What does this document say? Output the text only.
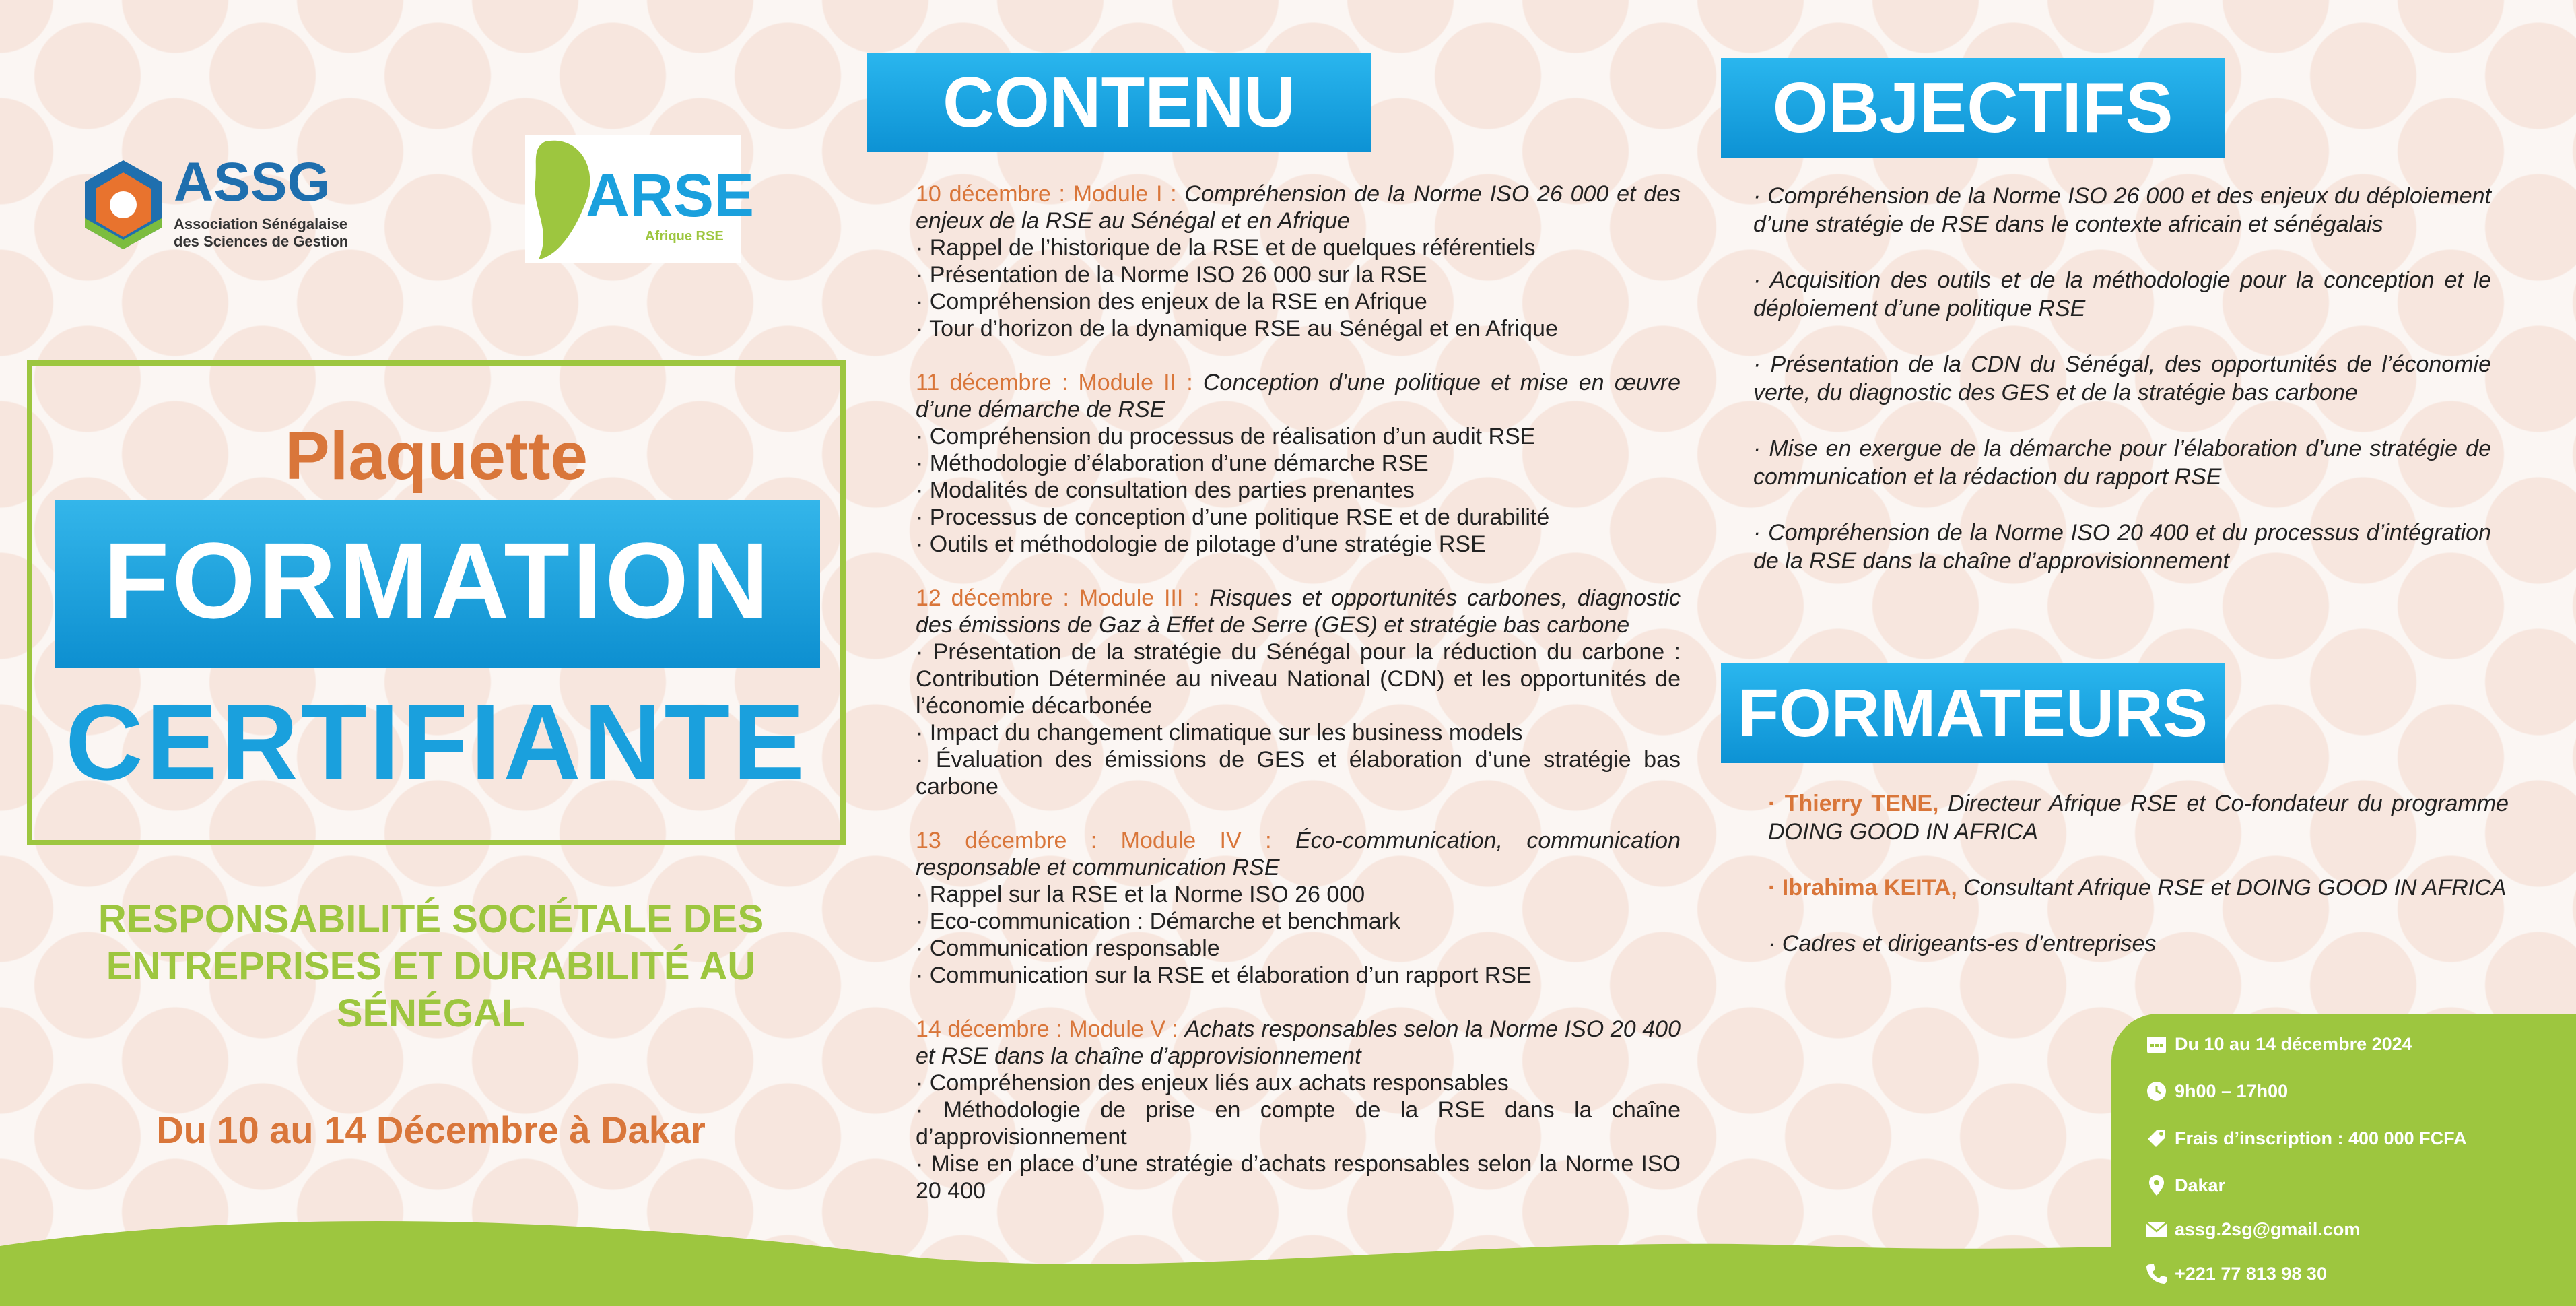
ASSG
Association Sénégalaise
des Sciences de Gestion
ARSE
Afrique RSE
Plaquette
FORMATION
CERTIFIANTE
RESPONSABILITÉ SOCIÉTALE DES
ENTREPRISES ET DURABILITÉ AU
SÉNÉGAL
Du 10 au 14 Décembre à Dakar
CONTENU
10 décembre : Module I : Compréhension de la Norme ISO 26 000 et des enjeux de la RSE au Sénégal et en Afrique
· Rappel de l’historique de la RSE et de quelques référentiels
· Présentation de la Norme ISO 26 000 sur la RSE
· Compréhension des enjeux de la RSE en Afrique
· Tour d’horizon de la dynamique RSE au Sénégal et en Afrique
11 décembre : Module II : Conception d’une politique et mise en œuvre d’une démarche de RSE
· Compréhension du processus de réalisation d’un audit RSE
· Méthodologie d’élaboration d’une démarche RSE
· Modalités de consultation des parties prenantes
· Processus de conception d’une politique RSE et de durabilité
· Outils et méthodologie de pilotage d’une stratégie RSE
12 décembre : Module III : Risques et opportunités carbones, diagnostic des émissions de Gaz à Effet de Serre (GES) et stratégie bas carbone
· Présentation de la stratégie du Sénégal pour la réduction du carbone : Contribution Déterminée au niveau National (CDN) et les opportunités de l’économie décarbonée
· Impact du changement climatique sur les business models
· Évaluation des émissions de GES et élaboration d’une stratégie bas carbone
13 décembre : Module IV : Éco-communication, communication responsable et communication RSE
· Rappel sur la RSE et la Norme ISO 26 000
· Eco-communication : Démarche et benchmark
· Communication responsable
· Communication sur la RSE et élaboration d’un rapport RSE
14 décembre : Module V : Achats responsables selon la Norme ISO 20 400 et RSE dans la chaîne d’approvisionnement
· Compréhension des enjeux liés aux achats responsables
· Méthodologie de prise en compte de la RSE dans la chaîne d’approvisionnement
· Mise en place d’une stratégie d’achats responsables selon la Norme ISO 20 400
OBJECTIFS
· Compréhension de la Norme ISO 26 000 et des enjeux du déploiement d’une stratégie de RSE dans le contexte africain et sénégalais
· Acquisition des outils et de la méthodologie pour la conception et le déploiement d’une politique RSE
· Présentation de la CDN du Sénégal, des opportunités de l’économie verte, du diagnostic des GES et de la stratégie bas carbone
· Mise en exergue de la démarche pour l’élaboration d’une stratégie de communication et la rédaction du rapport RSE
· Compréhension de la Norme ISO 20 400 et du processus d’intégration de la RSE dans la chaîne d’approvisionnement
FORMATEURS
· Thierry TENE, Directeur Afrique RSE et Co-fondateur du programme DOING GOOD IN AFRICA
· Ibrahima KEITA, Consultant Afrique RSE et DOING GOOD IN AFRICA
· Cadres et dirigeants-es d’entreprises
Du 10 au 14 décembre 2024
9h00 – 17h00
Frais d’inscription : 400 000 FCFA
Dakar
assg.2sg@gmail.com
+221 77 813 98 30
